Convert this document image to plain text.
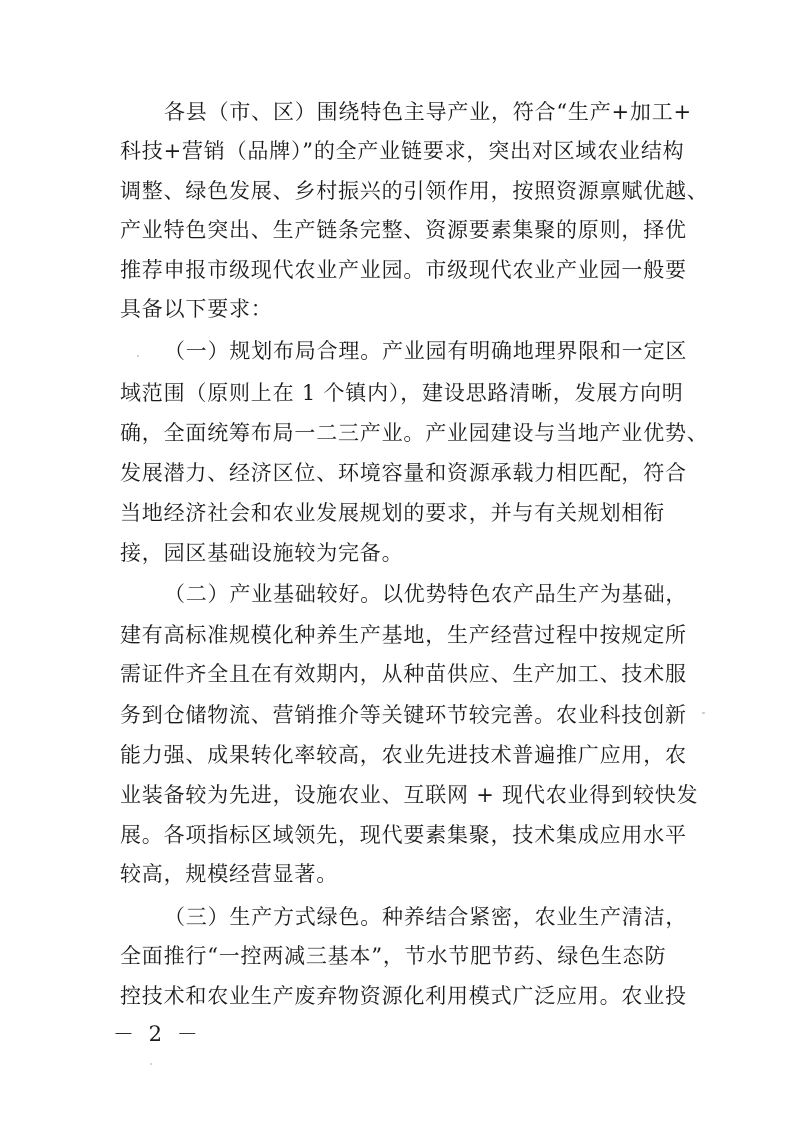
各县（市、区）围绕特色主导产业，符合“生产+加工+
科技+营销（品牌）”的全产业链要求，突出对区域农业结构
调整、绿色发展、乡村振兴的引领作用，按照资源禀赋优越、
产业特色突出、生产链条完整、资源要素集聚的原则，择优
推荐申报市级现代农业产业园。市级现代农业产业园一般要
具备以下要求：
（一）规划布局合理。产业园有明确地理界限和一定区
域范围（原则上在 1 个镇内），建设思路清晰，发展方向明
确，全面统筹布局一二三产业。产业园建设与当地产业优势、
发展潜力、经济区位、环境容量和资源承载力相匹配，符合
当地经济社会和农业发展规划的要求，并与有关规划相衔
接，园区基础设施较为完备。
（二）产业基础较好。以优势特色农产品生产为基础，
建有高标准规模化种养生产基地，生产经营过程中按规定所
需证件齐全且在有效期内，从种苗供应、生产加工、技术服
务到仓储物流、营销推介等关键环节较完善。农业科技创新
能力强、成果转化率较高，农业先进技术普遍推广应用，农
业装备较为先进，设施农业、互联网 + 现代农业得到较快发
展。各项指标区域领先，现代要素集聚，技术集成应用水平
较高，规模经营显著。
（三）生产方式绿色。种养结合紧密，农业生产清洁，
全面推行“一控两减三基本”，节水节肥节药、绿色生态防
控技术和农业生产废弃物资源化利用模式广泛应用。农业投
－ 2 －
